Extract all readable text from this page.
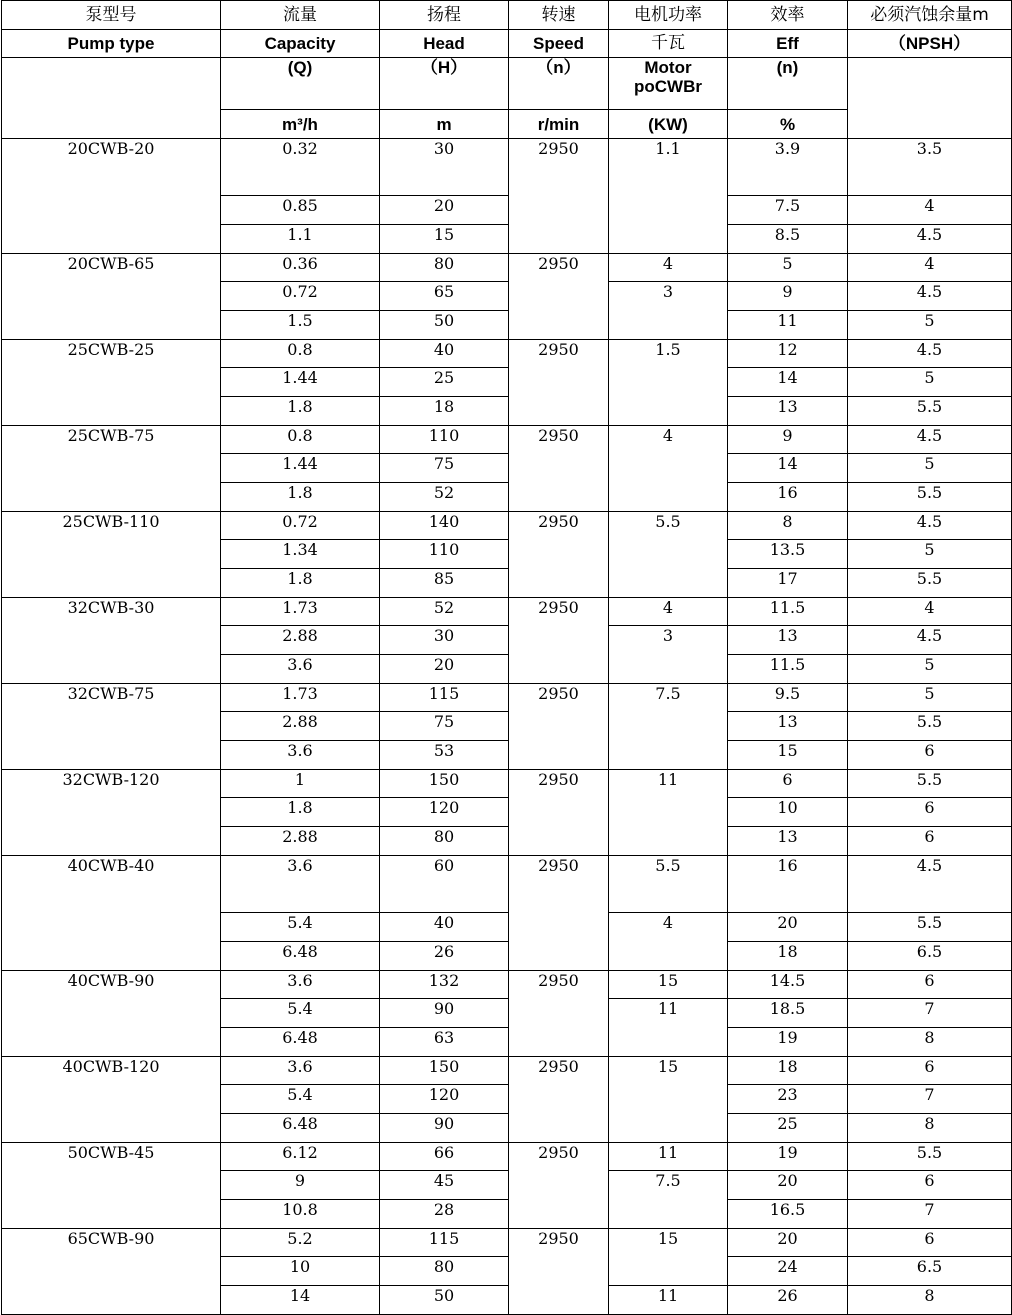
泵型号	流量	扬程	转速	电机功率	效率	必须汽蚀余量m
Pump type	Capacity	Head	Speed	千瓦	Eff	（NPSH）
	(Q)	（H）	（n）	Motor poCWBr	(n)	
	m³/h	m	r/min	(KW)	%	
20CWB-20	0.32	30	2950	1.1	3.9	3.5
	0.85	20			7.5	4
	1.1	15			8.5	4.5
20CWB-65	0.36	80	2950	4	5	4
	0.72	65		3	9	4.5
	1.5	50			11	5
25CWB-25	0.8	40	2950	1.5	12	4.5
	1.44	25			14	5
	1.8	18			13	5.5
25CWB-75	0.8	110	2950	4	9	4.5
	1.44	75			14	5
	1.8	52			16	5.5
25CWB-110	0.72	140	2950	5.5	8	4.5
	1.34	110			13.5	5
	1.8	85			17	5.5
32CWB-30	1.73	52	2950	4	11.5	4
	2.88	30		3	13	4.5
	3.6	20			11.5	5
32CWB-75	1.73	115	2950	7.5	9.5	5
	2.88	75			13	5.5
	3.6	53			15	6
32CWB-120	1	150	2950	11	6	5.5
	1.8	120			10	6
	2.88	80			13	6
40CWB-40	3.6	60	2950	5.5	16	4.5
	5.4	40		4	20	5.5
	6.48	26			18	6.5
40CWB-90	3.6	132	2950	15	14.5	6
	5.4	90		11	18.5	7
	6.48	63			19	8
40CWB-120	3.6	150	2950	15	18	6
	5.4	120			23	7
	6.48	90			25	8
50CWB-45	6.12	66	2950	11	19	5.5
	9	45		7.5	20	6
	10.8	28			16.5	7
65CWB-90	5.2	115	2950	15	20	6
	10	80			24	6.5
	14	50		11	26	8
